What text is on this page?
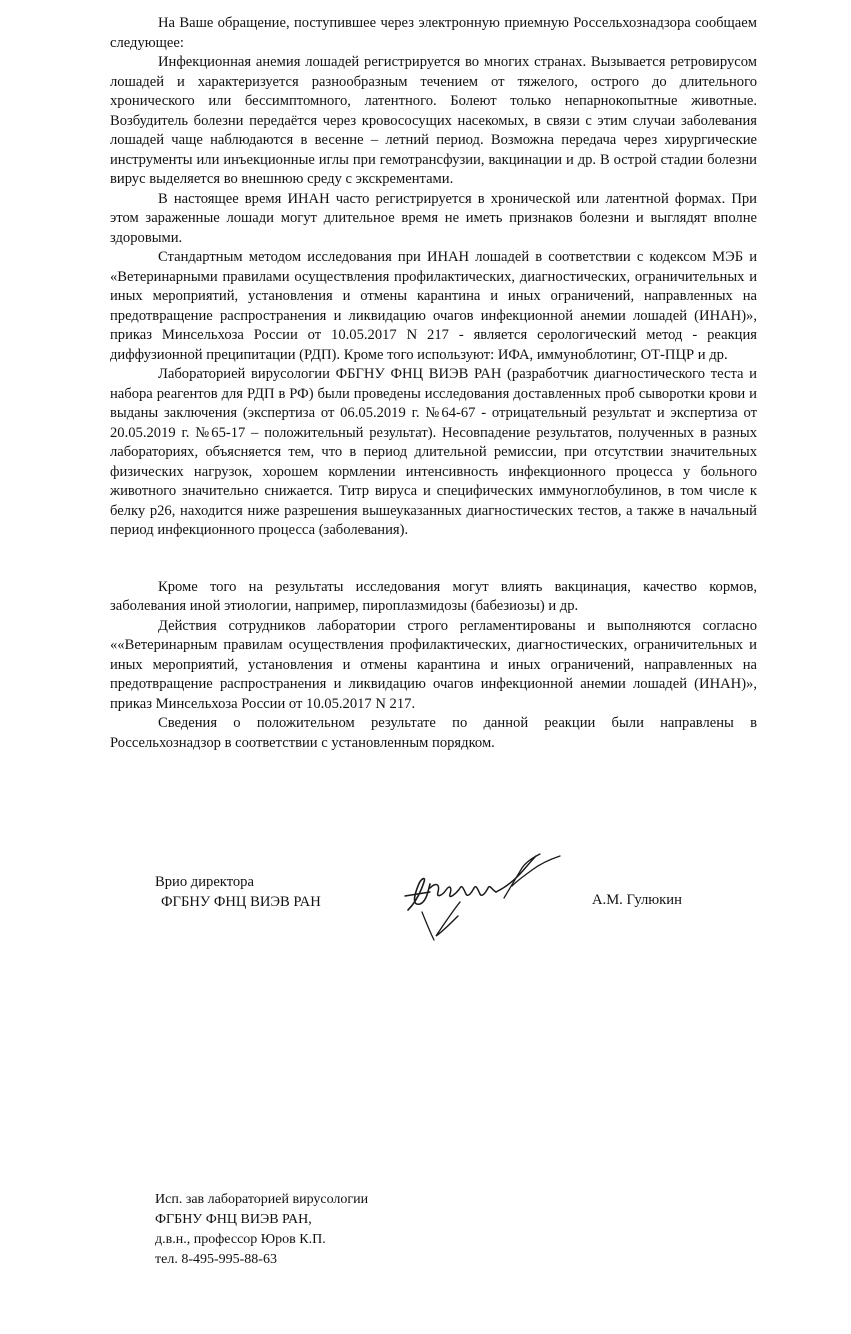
На Ваше обращение, поступившее через электронную приемную Россельхознадзора сообщаем следующее:

Инфекционная анемия лошадей регистрируется во многих странах. Вызывается ретровирусом лошадей и характеризуется разнообразным течением от тяжелого, острого до длительного хронического или бессимптомного, латентного. Болеют только непарнокопытные животные. Возбудитель болезни передаётся через кровососущих насекомых, в связи с этим случаи заболевания лошадей чаще наблюдаются в весенне – летний период. Возможна передача через хирургические инструменты или инъекционные иглы при гемотрансфузии, вакцинации и др. В острой стадии болезни вирус выделяется во внешнюю среду с экскрементами.

В настоящее время ИНАН часто регистрируется в хронической или латентной формах. При этом зараженные лошади могут длительное время не иметь признаков болезни и выглядят вполне здоровыми.

Стандартным методом исследования при ИНАН лошадей в соответствии с кодексом МЭБ и «Ветеринарными правилами осуществления профилактических, диагностических, ограничительных и иных мероприятий, установления и отмены карантина и иных ограничений, направленных на предотвращение распространения и ликвидацию очагов инфекционной анемии лошадей (ИНАН)», приказ Минсельхоза России от 10.05.2017 N 217 - является серологический метод - реакция диффузионной преципитации (РДП). Кроме того используют: ИФА, иммуноблотинг, ОТ-ПЦР и др.

Лабораторией вирусологии ФБГНУ ФНЦ ВИЭВ РАН (разработчик диагностического теста и набора реагентов для РДП в РФ) были проведены исследования доставленных проб сыворотки крови и выданы заключения (экспертиза от 06.05.2019 г. №64-67 - отрицательный результат и экспертиза от 20.05.2019 г. №65-17 – положительный результат). Несовпадение результатов, полученных в разных лабораториях, объясняется тем, что в период длительной ремиссии, при отсутствии значительных физических нагрузок, хорошем кормлении интенсивность инфекционного процесса у больного животного значительно снижается. Титр вируса и специфических иммуноглобулинов, в том числе к белку p26, находится ниже разрешения вышеуказанных диагностических тестов, а также в начальный период инфекционного процесса (заболевания).

Кроме того на результаты исследования могут влиять вакцинация, качество кормов, заболевания иной этиологии, например, пироплазмидозы (бабезиозы) и др.

Действия сотрудников лаборатории строго регламентированы и выполняются согласно ««Ветеринарным правилам осуществления профилактических, диагностических, ограничительных и иных мероприятий, установления и отмены карантина и иных ограничений, направленных на предотвращение распространения и ликвидацию очагов инфекционной анемии лошадей (ИНАН)», приказ Минсельхоза России от 10.05.2017 N 217.

Сведения о положительном результате по данной реакции были направлены в Россельхознадзор в соответствии с установленным порядком.

Врио директора
ФГБНУ ФНЦ ВИЭВ РАН	А.М. Гулюкин
Исп. зав лабораторией вирусологии
ФГБНУ ФНЦ ВИЭВ РАН,
д.в.н., профессор Юров К.П.
тел. 8-495-995-88-63
